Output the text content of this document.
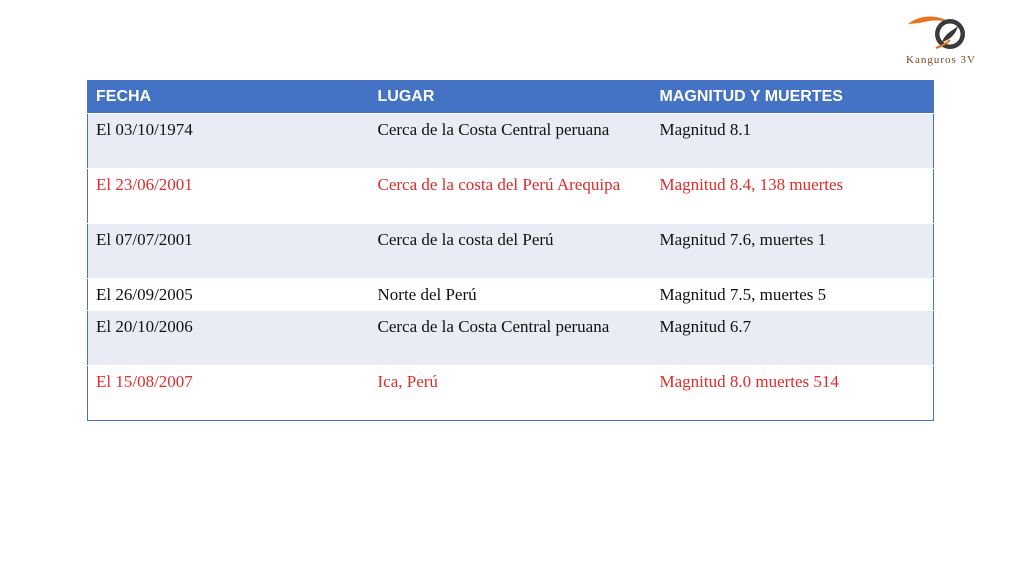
Kanguros 3V
FECHA	LUGAR	MAGNITUD Y MUERTES
El 03/10/1974	Cerca de la Costa Central peruana	Magnitud 8.1
El 23/06/2001	Cerca de la costa del Perú Arequipa	Magnitud 8.4, 138 muertes
El 07/07/2001	Cerca de la costa del Perú	Magnitud 7.6, muertes 1
El 26/09/2005	Norte del Perú	Magnitud 7.5, muertes 5
El 20/10/2006	Cerca de la Costa Central peruana	Magnitud 6.7
El 15/08/2007	Ica, Perú	Magnitud 8.0 muertes 514
